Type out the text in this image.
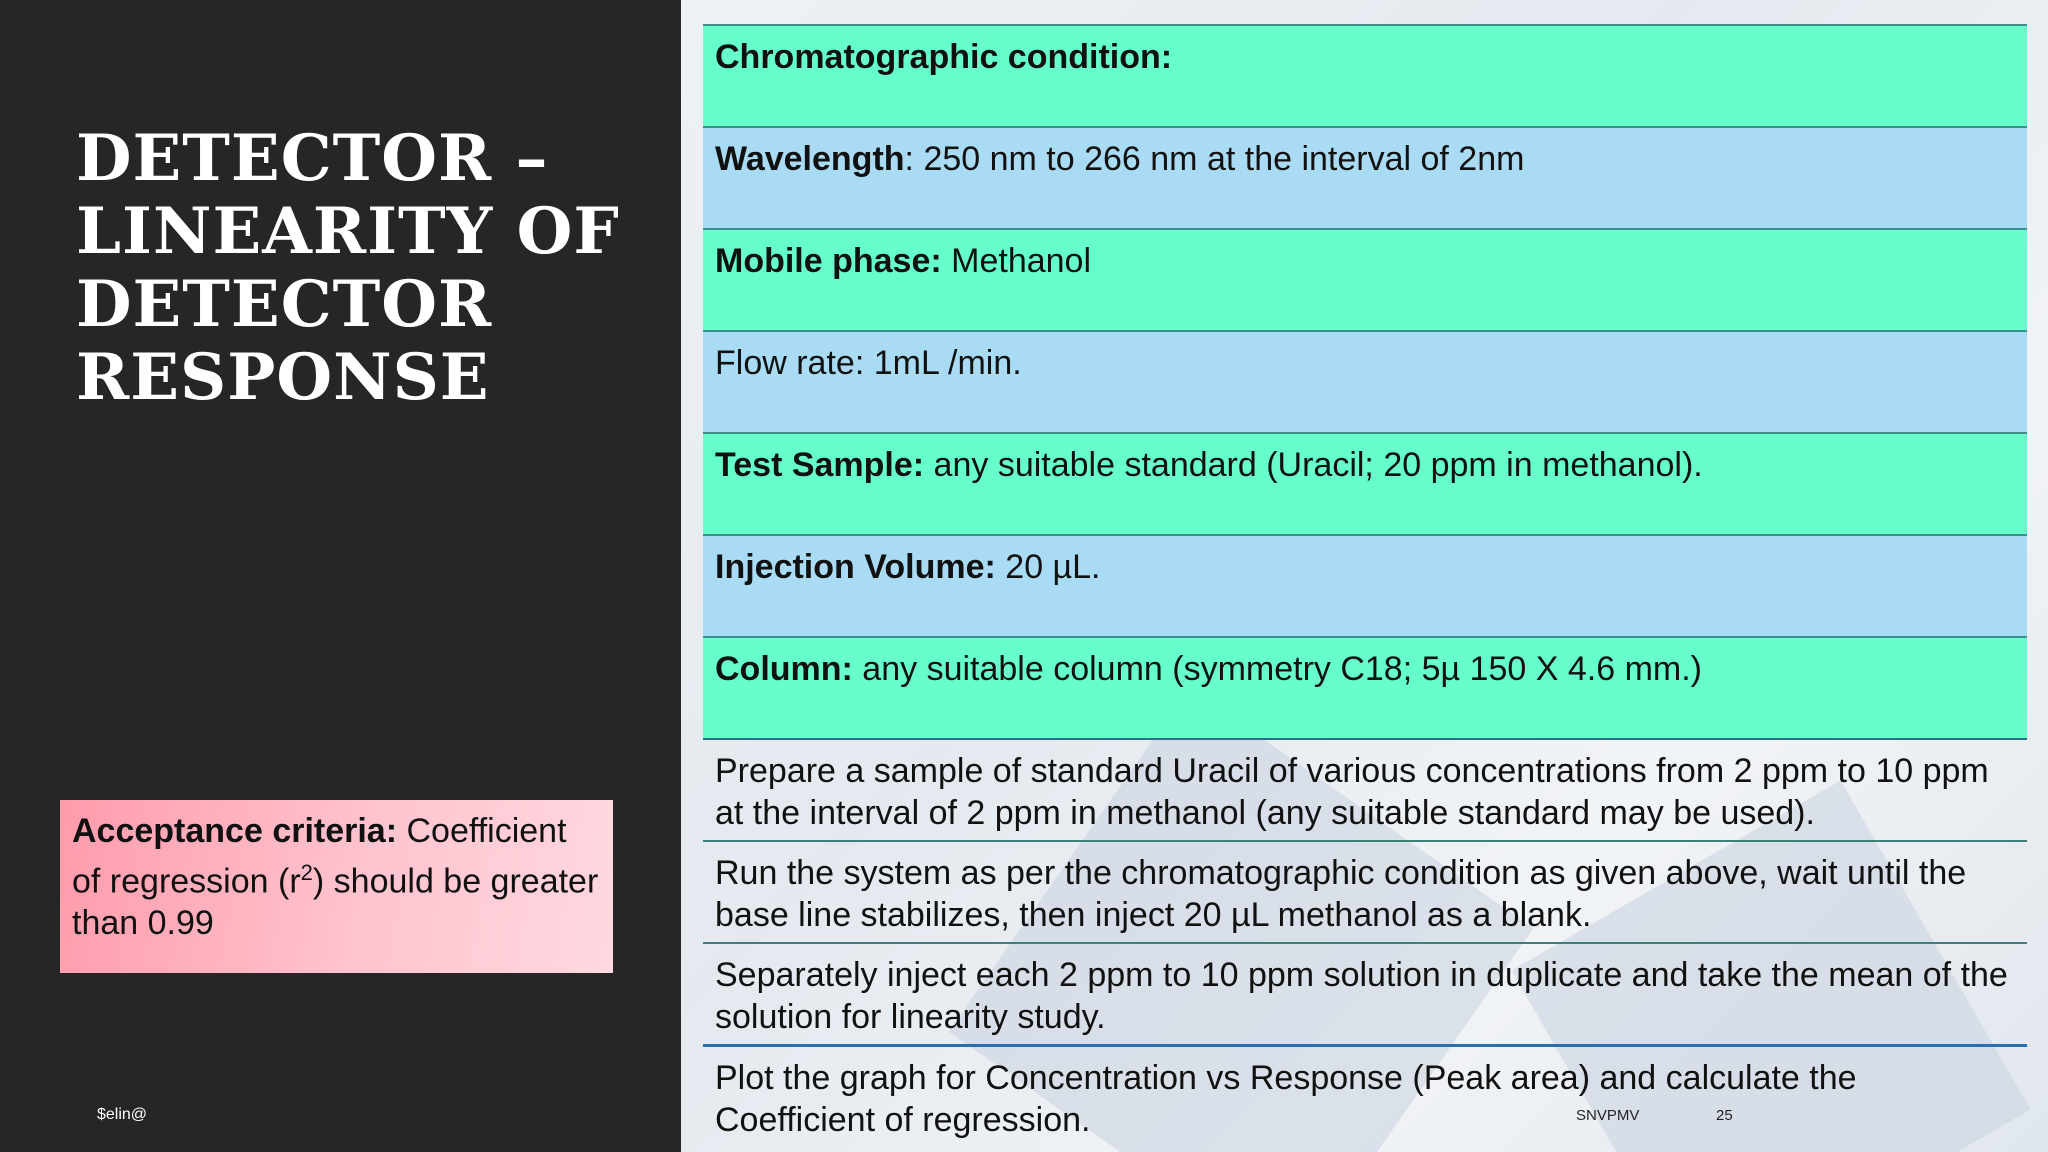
DETECTOR –
LINEARITY OF
DETECTOR
RESPONSE
Acceptance criteria: Coefficient of regression $(r^2)$ should be greater than 0.99
$elin@
Chromatographic condition:
Wavelength: 250 nm to 266 nm at the interval of 2nm
Mobile phase: Methanol
Flow rate: 1mL /min.
Test Sample: any suitable standard (Uracil; 20 ppm in methanol).
Injection Volume: 20 µL.
Column: any suitable column (symmetry C18; 5µ 150 X 4.6 mm.)
Prepare a sample of standard Uracil of various concentrations from 2 ppm to 10 ppm at the interval of 2 ppm in methanol (any suitable standard may be used).
Run the system as per the chromatographic condition as given above, wait until the base line stabilizes, then inject 20 µL methanol as a blank.
Separately inject each 2 ppm to 10 ppm solution in duplicate and take the mean of the solution for linearity study.
Plot the graph for Concentration vs Response (Peak area) and calculate the Coefficient of regression.	SNVPMV	25
